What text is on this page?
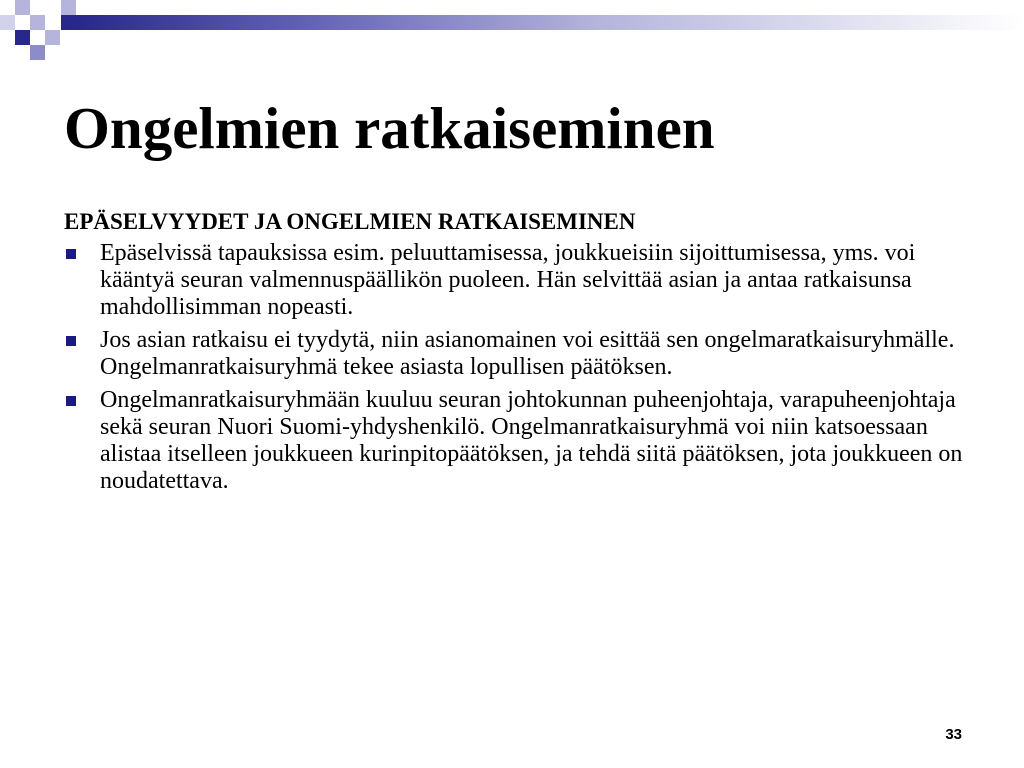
Ongelmien ratkaiseminen
EPÄSELVYYDET JA ONGELMIEN RATKAISEMINEN
Epäselvissä tapauksissa esim. peluuttamisessa, joukkueisiin sijoittumisessa, yms. voi kääntyä seuran valmennuspäällikön puoleen. Hän selvittää asian ja antaa ratkaisunsa mahdollisimman nopeasti.
Jos asian ratkaisu ei tyydytä, niin asianomainen voi esittää sen ongelmaratkaisuryhmälle. Ongelmanratkaisuryhmä tekee asiasta lopullisen päätöksen.
Ongelmanratkaisuryhmään kuuluu seuran johtokunnan puheenjohtaja, varapuheenjohtaja sekä seuran Nuori Suomi-yhdyshenkilö. Ongelmanratkaisuryhmä voi niin katsoessaan alistaa itselleen joukkueen kurinpitopäätöksen, ja tehdä siitä päätöksen, jota joukkueen on noudatettava.
33
